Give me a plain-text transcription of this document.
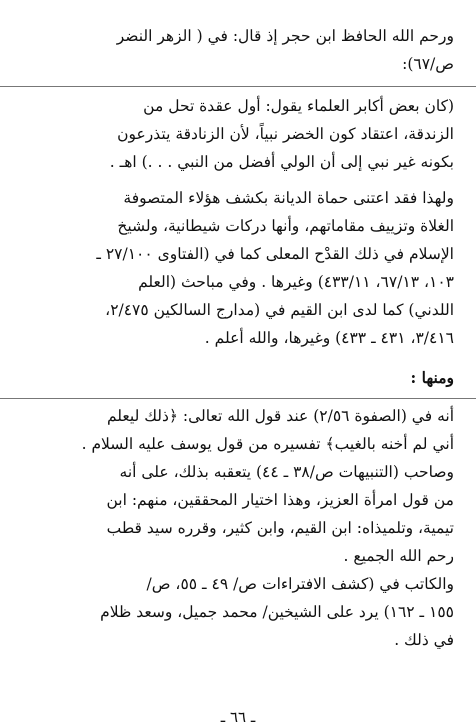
ورحم الله الحافظ ابن حجر إذ قال: في ( الزهر النضر
ص/٦٧):
(كان بعض أكابر العلماء يقول: أول عقدة تحل من
الزندقة، اعتقاد كون الخضر نبياً، لأن الزنادقة يتذرعون
بكونه غير نبي إلى أن الولي أفضل من النبي . . .) اهـ .
ولهذا فقد اعتنى حماة الديانة بكشف هؤلاء المتصوفة
الغلاة وتزييف مقاماتهم، وأنها دركات شيطانية، ولشيخ
الإسلام في ذلك القدْح المعلى كما في (الفتاوى ٢٧/١٠٠ ـ
١٠٣، ٦٧/١٣، ٤٣٣/١١) وغيرها . وفي مباحث (العلم
اللدني) كما لدى ابن القيم في (مدارج السالكين ٢/٤٧٥،
٣/٤١٦، ٤٣١ ـ ٤٣٣) وغيرها، والله أعلم .
ومنها :
أنه في (الصفوة ٢/٥٦) عند قول الله تعالى: ﴿ذلك ليعلم
أني لم أخنه بالغيب﴾ تفسيره من قول يوسف عليه السلام .
وصاحب (التنبيهات ص/٣٨ ـ ٤٤) يتعقبه بذلك، على أنه
من قول امرأة العزيز، وهذا اختيار المحققين، منهم: ابن
تيمية، وتلميذاه: ابن القيم، وابن كثير، وقرره سيد قطب
رحم الله الجميع .
والكاتب في (كشف الافتراءات ص/ ٤٩ ـ ٥٥، ص/
١٥٥ ـ ١٦٢) يرد على الشيخين/ محمد جميل، وسعد ظلام
في ذلك .
ـ ٦٦ ـ
